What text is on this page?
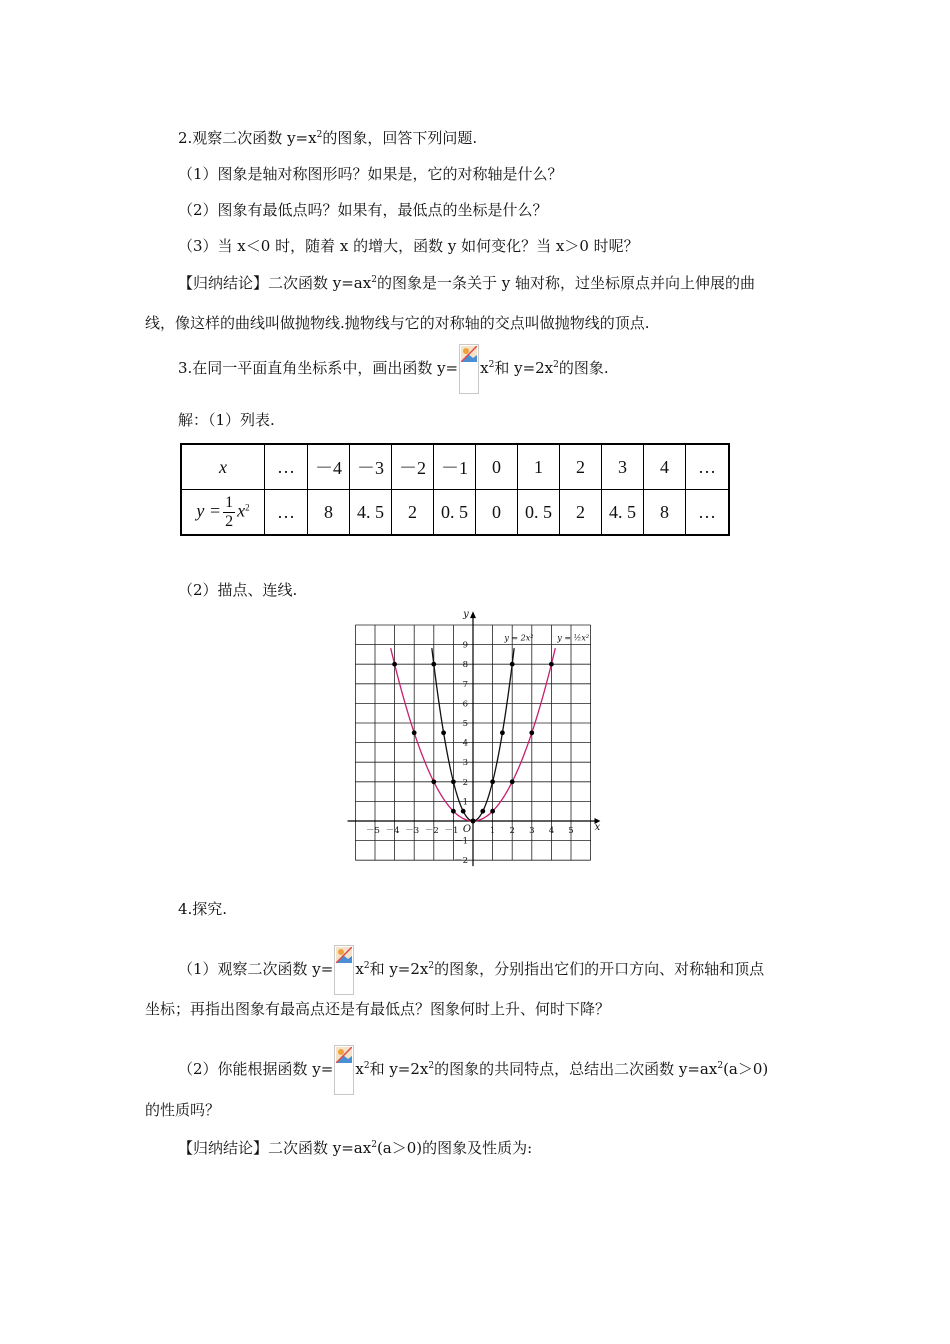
2.观察二次函数 $y=x^2$的图象，回答下列问题.
（1）图象是轴对称图形吗？如果是，它的对称轴是什么？
（2）图象有最低点吗？如果有，最低点的坐标是什么？
（3）当 x＜0 时，随着 x 的增大，函数 y 如何变化？当 x＞0 时呢？
【归纳结论】二次函数 $y=ax^2$的图象是一条关于 y 轴对称，过坐标原点并向上伸展的曲
线，像这样的曲线叫做抛物线.抛物线与它的对称轴的交点叫做抛物线的顶点.
3.在同一平面直角坐标系中，画出函数 $y= x^2$和 $y=2x^2$的图象.
解：（1）列表.
x	…	－4	－3	－2	－1	0	1	2	3	4	…
$y = \frac{1}{2} x^2$	…	8	4. 5	2	0. 5	0	0. 5	2	4. 5	8	…
（2）描点、连线.
x
y
O
－5 －4 －3 －2 －1	1 2 3 4 5
9
8
7
6
5
4
3
2
1
－1
－2
y = 2x²	y = ½x²
4.探究.
（1）观察二次函数 $y= x^2$和 $y=2x^2$的图象，分别指出它们的开口方向、对称轴和顶点
坐标；再指出图象有最高点还是有最低点？图象何时上升、何时下降？
（2）你能根据函数 $y= x^2$和 $y=2x^2$的图象的共同特点，总结出二次函数 $y=ax^2(a>0)$
的性质吗？
【归纳结论】二次函数 $y=ax^2(a>0)$的图象及性质为:
